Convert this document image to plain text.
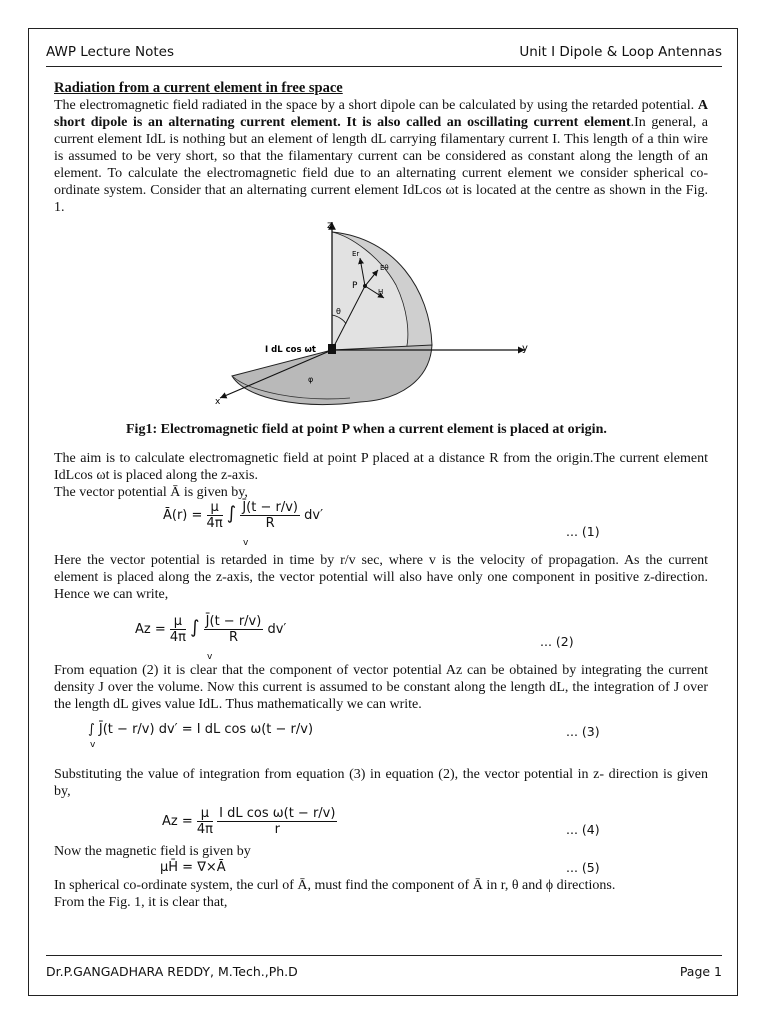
AWP Lecture Notes	Unit I Dipole & Loop Antennas

Radiation from a current element in free space

The electromagnetic field radiated in the space by a short dipole can be calculated by using the retarded potential. A short dipole is an alternating current element. It is also called an oscillating current element.In general, a current element IdL is nothing but an element of length dL carrying filamentary current I. This length of a thin wire is assumed to be very short, so that the filamentary current can be considered as constant along the length of an element. To calculate the electromagnetic field due to an alternating current element we consider spherical co-ordinate system. Consider that an alternating current element IdLcos ωt is located at the centre as shown in the Fig. 1.

z
y
x
P
θ
φ
I dL cos ωt
Er
H
Eθ
Fig1: Electromagnetic field at point P when a current element is placed at origin.

The aim is to calculate electromagnetic field at point P placed at a distance R from the origin.The current element IdLcos ωt is placed along the z-axis.

The vector potential Ā is given by,

Ā(r) = $\frac{\mu}{4\pi}$ ∫ $\frac{J̄(t - r/v)}{R} dv'$
v
... (1)

Here the vector potential is retarded in time by r/v sec, where v is the velocity of propagation. As the current element is placed along the z-axis, the vector potential will also have only one component in positive z-direction. Hence we can write,

$Az = \frac{\mu}{4\pi}$ ∫ $\frac{J̄(t - r/v)}{R} dv'$
v
... (2)

From equation (2) it is clear that the component of vector potential Az can be obtained by integrating the current density J over the volume. Now this current is assumed to be constant along the length dL, the integration of J over the length dL gives value IdL. Thus mathematically we can write.

∫ J̄(t − r/v) dv′ = I dL cos ω(t − r/v)
v
... (3)

Substituting the value of integration from equation (3) in equation (2), the vector potential in z- direction is given by,

$Az = \frac{\mu}{4\pi}$
$\frac{\text{I dL cos ω(t − r/v)}}{r}$	... (4)

Now the magnetic field is given by

μH̄ = ∇×Ā	... (5)

In spherical co-ordinate system, the curl of Ā, must find the component of Ā in r, θ and ϕ directions.

From the Fig. 1, it is clear that,

Dr.P.GANGADHARA REDDY, M.Tech.,Ph.D	Page 1
